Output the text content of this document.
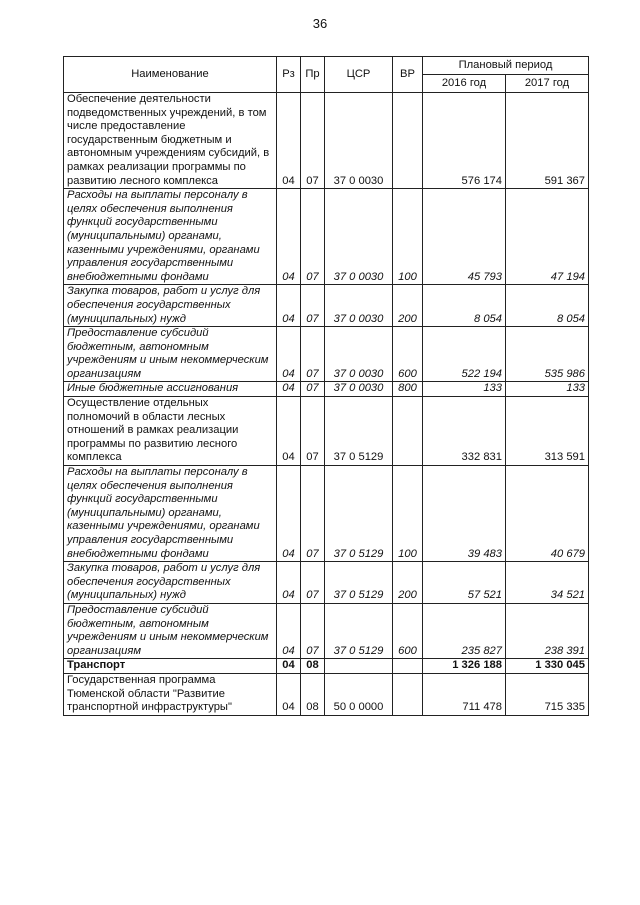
36
Наименование	Рз	Пр	ЦСР	ВР	Плановый период	
					2016 год	2017 год
Обеспечение деятельности подведомственных учреждений, в том числе предоставление государственным бюджетным и автономным учреждениям субсидий, в рамках реализации программы по развитию лесного комплекса	04	07	37 0 0030		576 174	591 367
Расходы на выплаты персоналу в целях обеспечения выполнения функций государственными (муниципальными) органами, казенными учреждениями, органами управления государственными внебюджетными фондами	04	07	37 0 0030	100	45 793	47 194
Закупка товаров, работ и услуг для обеспечения государственных (муниципальных) нужд	04	07	37 0 0030	200	8 054	8 054
Предоставление субсидий бюджетным, автономным учреждениям и иным некоммерческим организациям	04	07	37 0 0030	600	522 194	535 986
Иные бюджетные ассигнования	04	07	37 0 0030	800	133	133
Осуществление отдельных полномочий в области лесных отношений в рамках реализации программы по развитию лесного комплекса	04	07	37 0 5129		332 831	313 591
Расходы на выплаты персоналу в целях обеспечения выполнения функций государственными (муниципальными) органами, казенными учреждениями, органами управления государственными внебюджетными фондами	04	07	37 0 5129	100	39 483	40 679
Закупка товаров, работ и услуг для обеспечения государственных (муниципальных) нужд	04	07	37 0 5129	200	57 521	34 521
Предоставление субсидий бюджетным, автономным учреждениям и иным некоммерческим организациям	04	07	37 0 5129	600	235 827	238 391
Транспорт	04	08			1 326 188	1 330 045
Государственная программа Тюменской области "Развитие транспортной инфраструктуры"	04	08	50 0 0000		711 478	715 335
